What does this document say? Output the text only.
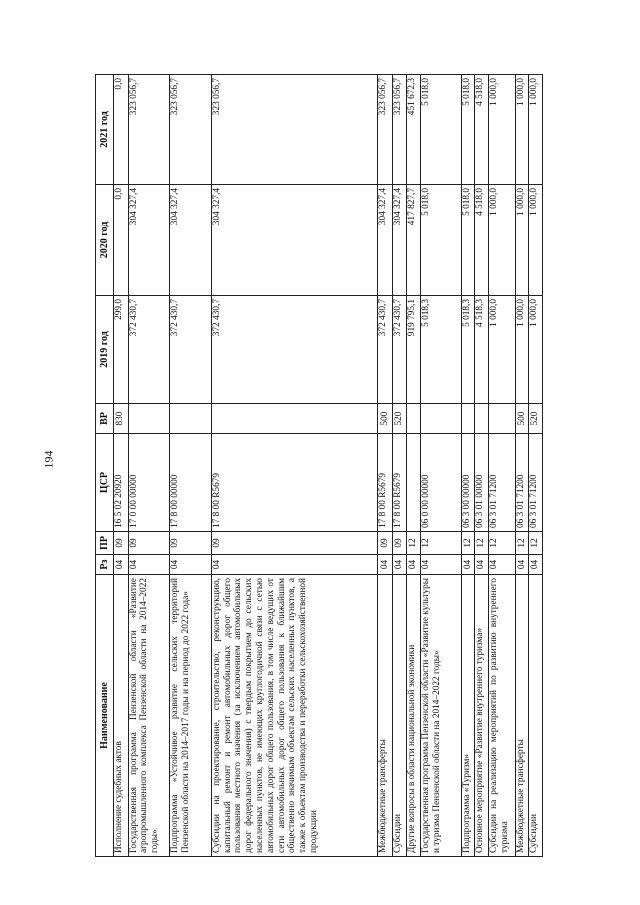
194
Наименование	Рз	ПР	ЦСР	ВР	2019 год	2020 год	2021 год
Исполнение судебных актов	04	09	16 5 02 20920	830	299,0	0,0	0,0
Государственная программа Пензенской области «Развитие агропромышленного комплекса Пензенской области на 2014–2022 годы»	04	09	17 0 00 00000		372 430,7	304 327,4	323 056,7
Подпрограмма «Устойчивое развитие сельских территорий Пензенской области на 2014–2017 годы и на период до 2022 года»	04	09	17 8 00 00000		372 430,7	304 327,4	323 056,7
Субсидии на проектирование, строительство, реконструкцию, капитальный ремонт и ремонт автомобильных дорог общего пользования местного значения (за исключением автомобильных дорог федерального значения) с твердым покрытием до сельских населенных пунктов, не имеющих круглогодичной связи с сетью автомобильных дорог общего пользования, в том числе ведущих от сети автомобильных дорог общего пользования к ближайшим общественно значимым объектам сельских населенных пунктов, а также к объектам производства и переработки сельскохозяйственной продукции	04	09	17 8 00 R5679		372 430,7	304 327,4	323 056,7
Межбюджетные трансферты	04	09	17 8 00 R5679	500	372 430,7	304 327,4	323 056,7
Субсидии	04	09	17 8 00 R5679	520	372 430,7	304 327,4	323 056,7
Другие вопросы в области национальной экономики	04	12			919 795,1	417 827,7	451 672,3
Государственная программа Пензенской области «Развитие культуры и туризма Пензенской области на 2014–2022 годы»	04	12	06 0 00 00000		5 018,3	5 018,0	5 018,0
Подпрограмма «Туризм»	04	12	06 3 00 00000		5 018,3	5 018,0	5 018,0
Основное мероприятие «Развитие внутреннего туризма»	04	12	06 3 01 00000		4 518,3	4 518,0	4 518,0
Субсидии на реализацию мероприятий по развитию внутреннего туризма	04	12	06 3 01 71200		1 000,0	1 000,0	1 000,0
Межбюджетные трансферты	04	12	06 3 01 71200	500	1 000,0	1 000,0	1 000,0
Субсидии	04	12	06 3 01 71200	520	1 000,0	1 000,0	1 000,0
